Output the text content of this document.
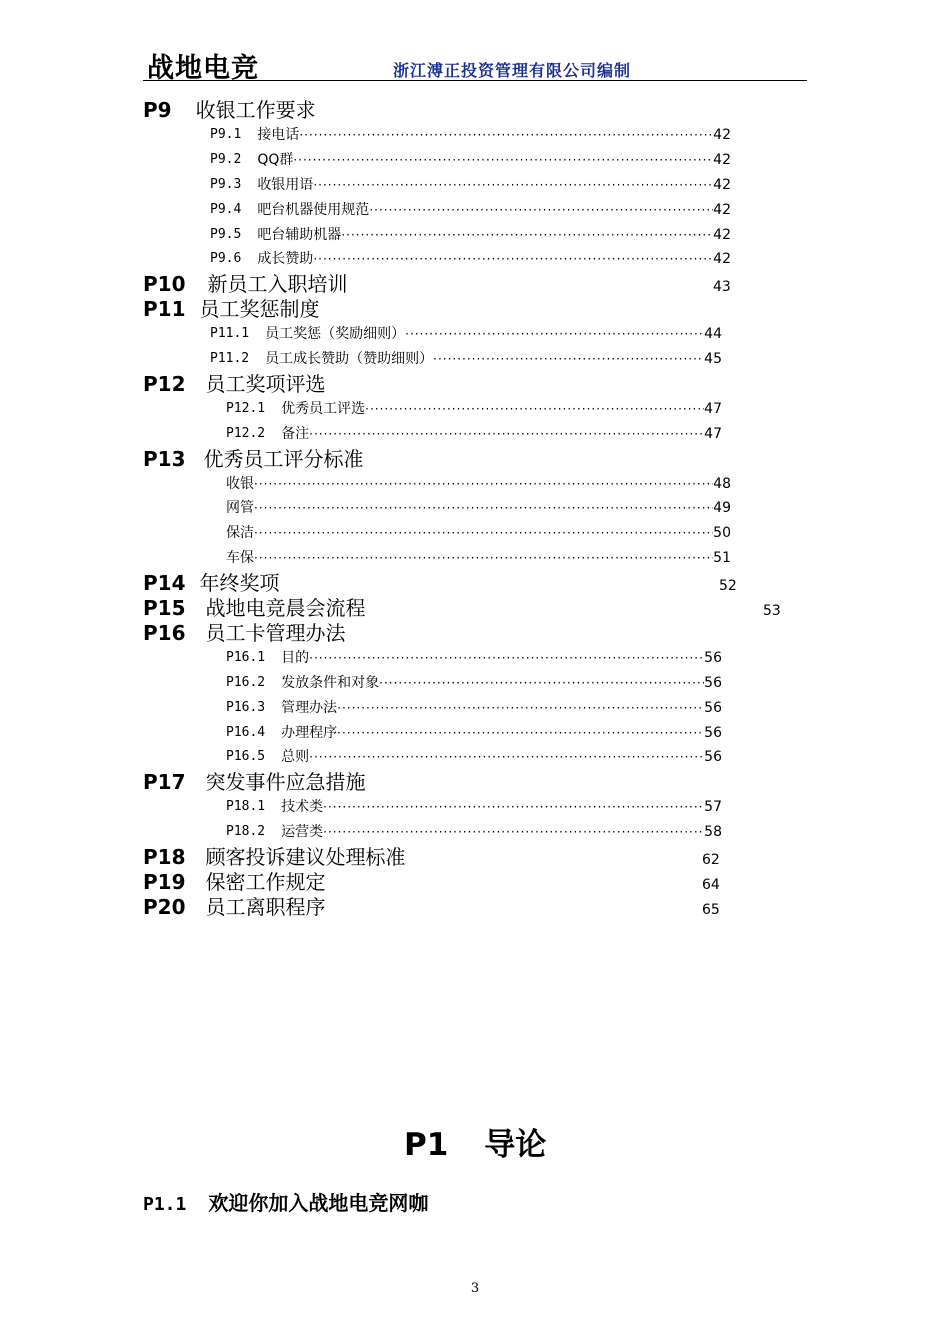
战地电竞	浙江溥正投资管理有限公司编制
P9 收银工作要求
P9.1 接电话 ·····	42
P9.2 QQ群 ·····	42
P9.3 收银用语 ·····	42
P9.4 吧台机器使用规范 ·····	42
P9.5 吧台辅助机器 ·····	42
P9.6 成长赞助 ·····	42
P10 新员工入职培训	43
P11 员工奖惩制度
P11.1 员工奖惩（奖励细则） ·····	44
P11.2 员工成长赞助（赞助细则） ·····	45
P12 员工奖项评选
P12.1 优秀员工评选 ·····	47
P12.2 备注 ·····	47
P13 优秀员工评分标准
收银 ·····	48
网管 ·····	49
保洁 ·····	50
车保 ·····	51
P14 年终奖项	52
P15 战地电竞晨会流程	53
P16 员工卡管理办法
P16.1 目的 ·····	56
P16.2 发放条件和对象 ·····	56
P16.3 管理办法 ·····	56
P16.4 办理程序 ·····	56
P16.5 总则 ·····	56
P17 突发事件应急措施
P18.1 技术类 ·····	57
P18.2 运营类 ·····	58
P18 顾客投诉建议处理标准	62
P19 保密工作规定	64
P20 员工离职程序	65
P1 导论
P1.1 欢迎你加入战地电竞网咖
3
